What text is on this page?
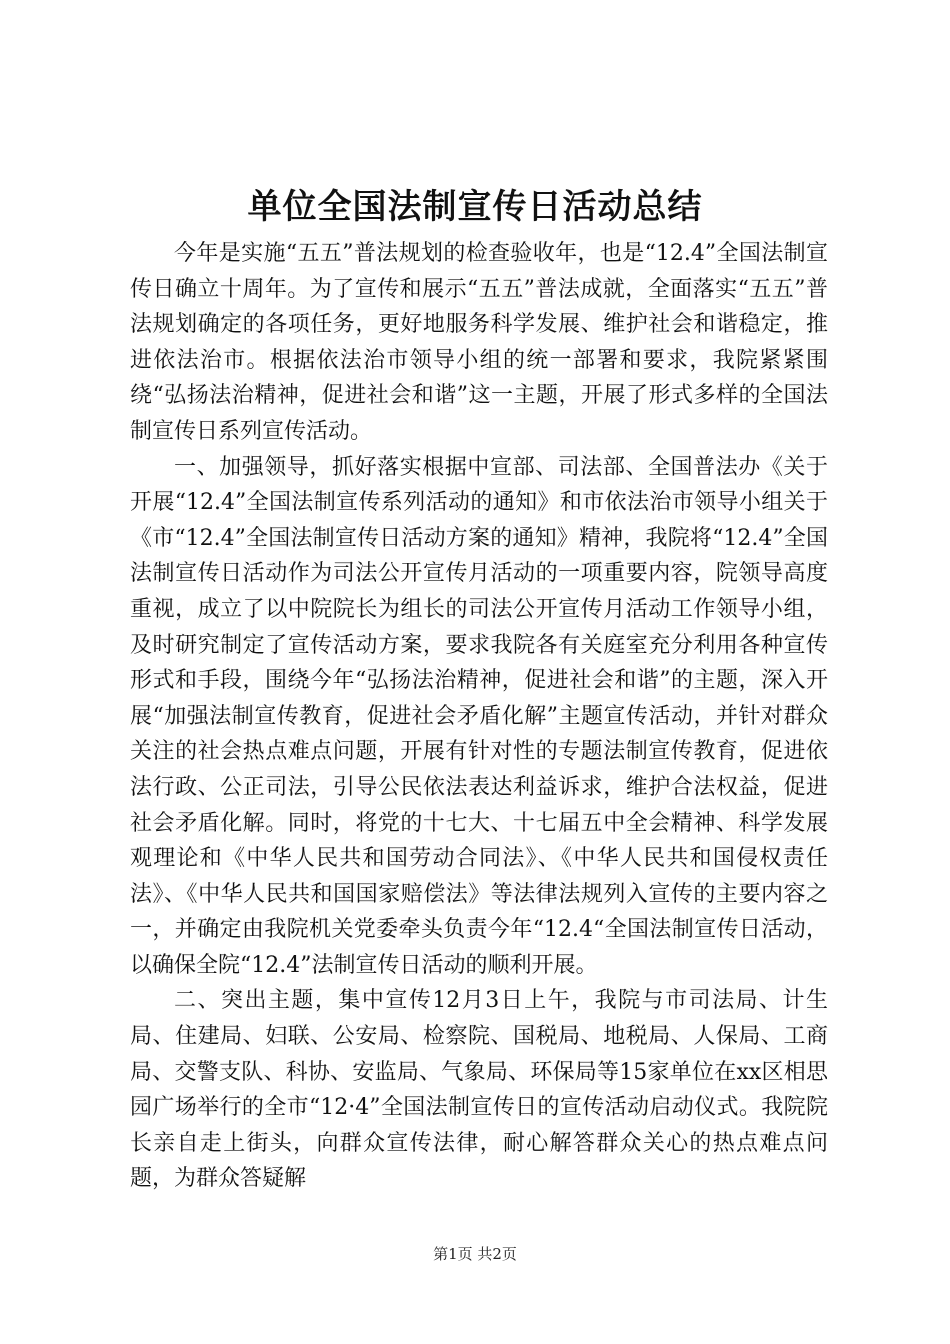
单位全国法制宣传日活动总结

今年是实施“五五”普法规划的检查验收年，也是“12.4”全国法制宣传日确立十周年。为了宣传和展示“五五”普法成就，全面落实“五五”普法规划确定的各项任务，更好地服务科学发展、维护社会和谐稳定，推进依法治市。根据依法治市领导小组的统一部署和要求，我院紧紧围绕“弘扬法治精神，促进社会和谐”这一主题，开展了形式多样的全国法制宣传日系列宣传活动。

一、加强领导，抓好落实根据中宣部、司法部、全国普法办《关于开展“12.4”全国法制宣传系列活动的通知》和市依法治市领导小组关于《市“12.4”全国法制宣传日活动方案的通知》精神，我院将“12.4”全国法制宣传日活动作为司法公开宣传月活动的一项重要内容，院领导高度重视，成立了以中院院长为组长的司法公开宣传月活动工作领导小组，及时研究制定了宣传活动方案，要求我院各有关庭室充分利用各种宣传形式和手段，围绕今年“弘扬法治精神，促进社会和谐”的主题，深入开展“加强法制宣传教育，促进社会矛盾化解”主题宣传活动，并针对群众关注的社会热点难点问题，开展有针对性的专题法制宣传教育，促进依法行政、公正司法，引导公民依法表达利益诉求，维护合法权益，促进社会矛盾化解。同时，将党的十七大、十七届五中全会精神、科学发展观理论和《中华人民共和国劳动合同法》、《中华人民共和国侵权责任法》、《中华人民共和国国家赔偿法》等法律法规列入宣传的主要内容之一，并确定由我院机关党委牵头负责今年“12.4“全国法制宣传日活动，以确保全院“12.4”法制宣传日活动的顺利开展。

二、突出主题，集中宣传12月3日上午，我院与市司法局、计生局、住建局、妇联、公安局、检察院、国税局、地税局、人保局、工商局、交警支队、科协、安监局、气象局、环保局等15家单位在xx区相思园广场举行的全市“12·4”全国法制宣传日的宣传活动启动仪式。我院院长亲自走上街头，向群众宣传法律，耐心解答群众关心的热点难点问题，为群众答疑解

第1页 共2页
